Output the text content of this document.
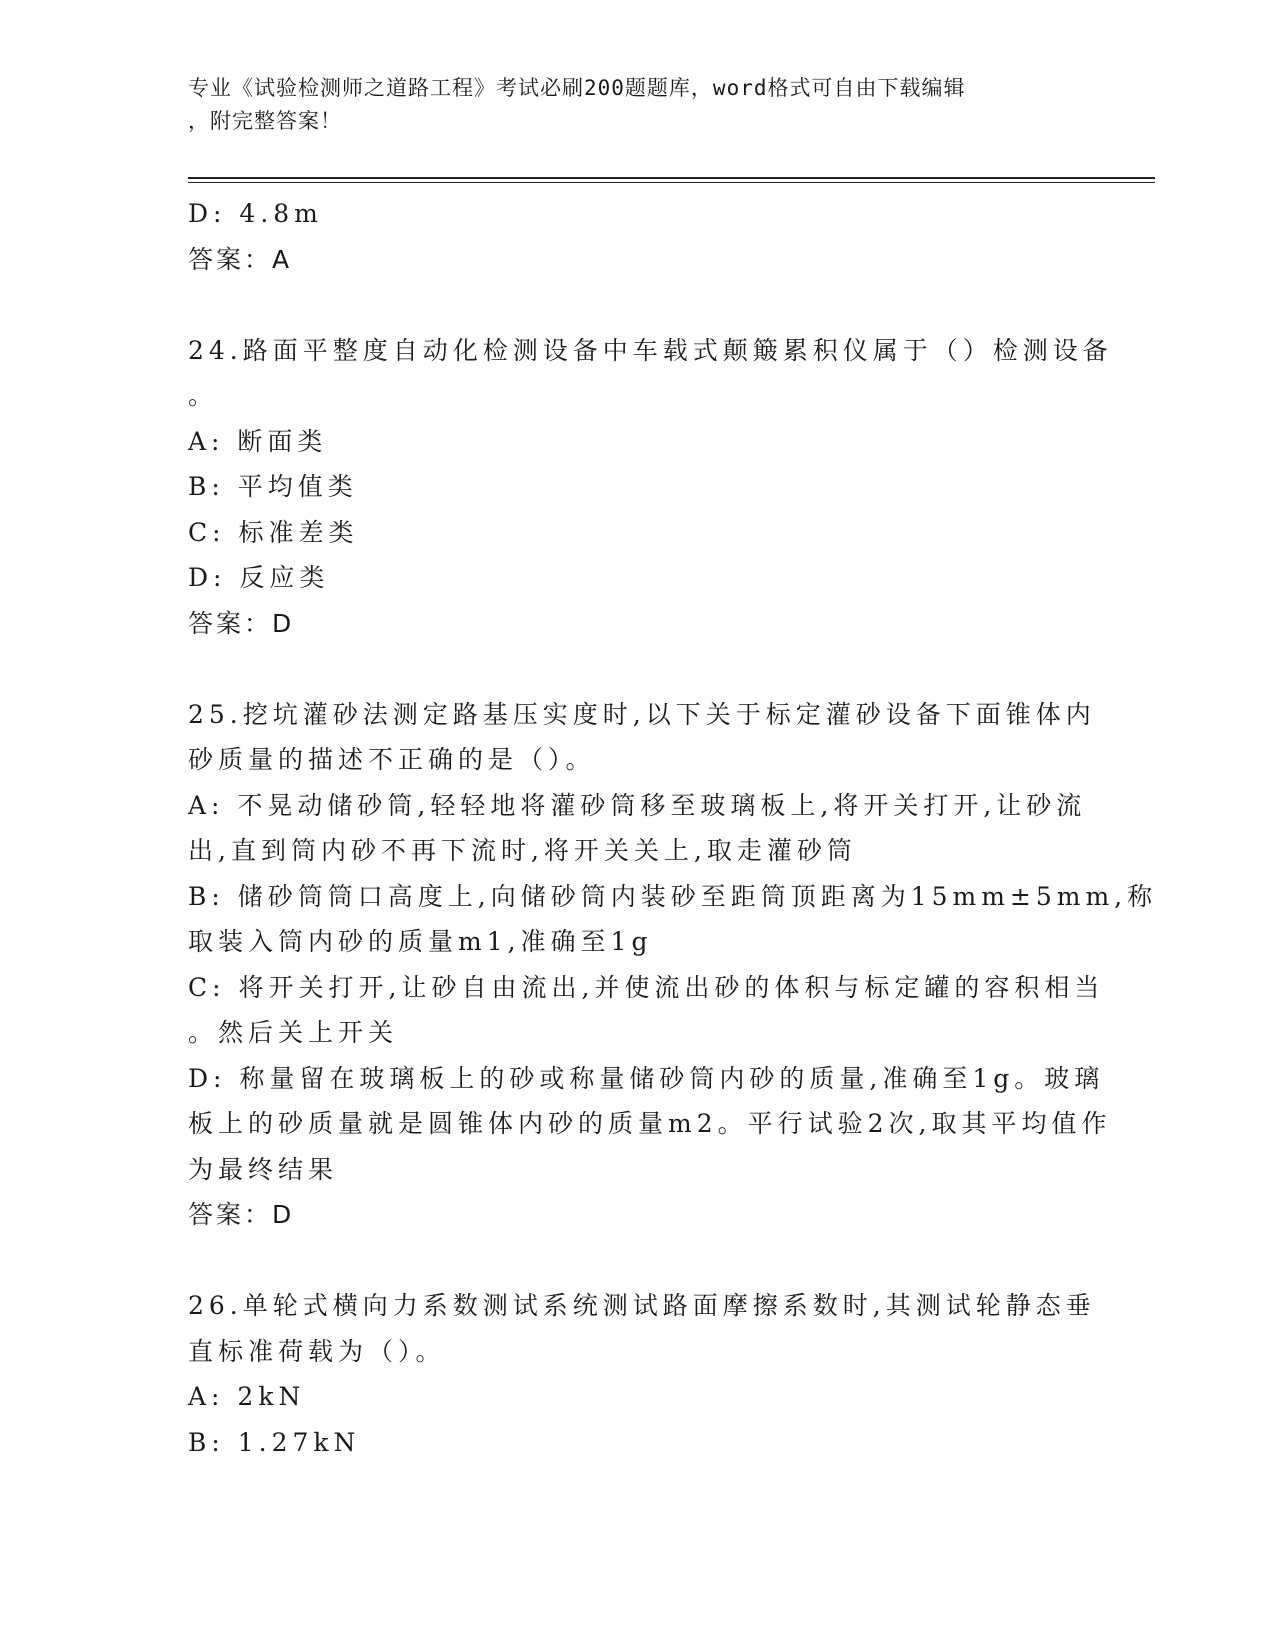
专业《试验检测师之道路工程》考试必刷200题题库，word格式可自由下载编辑
，附完整答案！
D: 4.8m
答案：A
24.路面平整度自动化检测设备中车载式颠簸累积仪属于（）检测设备
。
A: 断面类
B: 平均值类
C: 标准差类
D: 反应类
答案：D
25.挖坑灌砂法测定路基压实度时,以下关于标定灌砂设备下面锥体内
砂质量的描述不正确的是（）。
A: 不晃动储砂筒,轻轻地将灌砂筒移至玻璃板上,将开关打开,让砂流
出,直到筒内砂不再下流时,将开关关上,取走灌砂筒
B: 储砂筒筒口高度上,向储砂筒内装砂至距筒顶距离为15mm±5mm,称
取装入筒内砂的质量m1,准确至1g
C: 将开关打开,让砂自由流出,并使流出砂的体积与标定罐的容积相当
。然后关上开关
D: 称量留在玻璃板上的砂或称量储砂筒内砂的质量,准确至1g。玻璃
板上的砂质量就是圆锥体内砂的质量m2。平行试验2次,取其平均值作
为最终结果
答案：D
26.单轮式横向力系数测试系统测试路面摩擦系数时,其测试轮静态垂
直标准荷载为（）。
A: 2kN
B: 1.27kN
